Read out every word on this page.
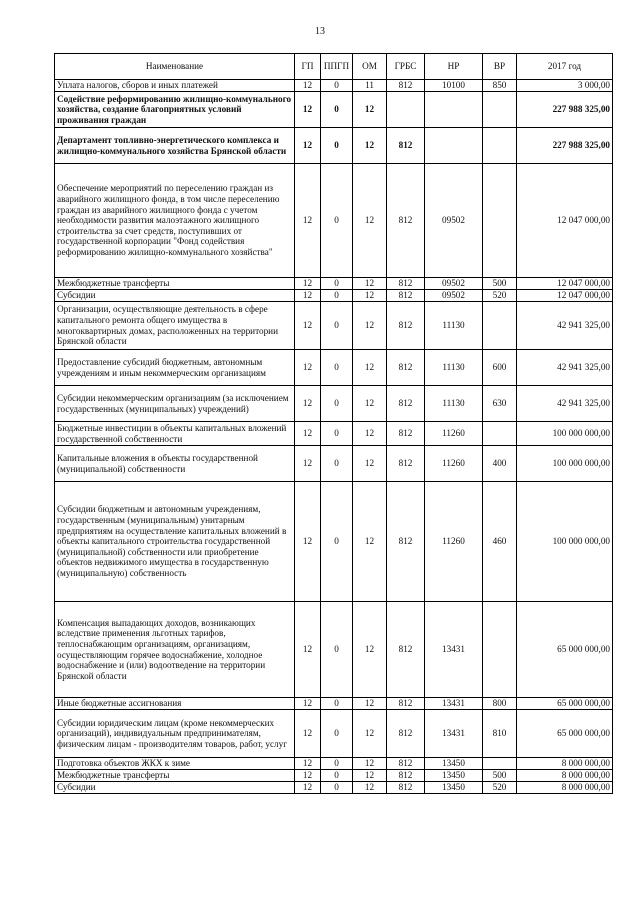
13
Наименование	ГП	ППГП	ОМ	ГРБС	НР	ВР	2017 год
Уплата налогов, сборов и иных платежей	12	0	11	812	10100	850	3 000,00
Содействие реформированию жилищно-коммунального хозяйства, создание благоприятных условий проживания граждан	12	0	12				227 988 325,00
Департамент топливно-энергетического комплекса и жилищно-коммунального хозяйства Брянской области	12	0	12	812			227 988 325,00
Обеспечение мероприятий по переселению граждан из аварийного жилищного фонда, в том числе переселению граждан из аварийного жилищного фонда с учетом необходимости развития малоэтажного жилищного строительства за счет средств, поступивших от государственной корпорации "Фонд содействия реформированию жилищно-коммунального хозяйства"	12	0	12	812	09502		12 047 000,00
Межбюджетные трансферты	12	0	12	812	09502	500	12 047 000,00
Субсидии	12	0	12	812	09502	520	12 047 000,00
Организации, осуществляющие деятельность в сфере капитального ремонта общего имущества в многоквартирных домах, расположенных на территории Брянской области	12	0	12	812	11130		42 941 325,00
Предоставление субсидий бюджетным, автономным учреждениям и иным некоммерческим организациям	12	0	12	812	11130	600	42 941 325,00
Субсидии некоммерческим организациям (за исключением государственных (муниципальных) учреждений)	12	0	12	812	11130	630	42 941 325,00
Бюджетные инвестиции в объекты капитальных вложений государственной собственности	12	0	12	812	11260		100 000 000,00
Капитальные вложения в объекты государственной (муниципальной) собственности	12	0	12	812	11260	400	100 000 000,00
Субсидии бюджетным и автономным учреждениям, государственным (муниципальным) унитарным предприятиям на осуществление капитальных вложений в объекты капитального строительства государственной (муниципальной) собственности или приобретение объектов недвижимого имущества в государственную (муниципальную) собственность	12	0	12	812	11260	460	100 000 000,00
Компенсация выпадающих доходов, возникающих вследствие применения льготных тарифов, теплоснабжающим организациям, организациям, осуществляющим горячее водоснабжение, холодное водоснабжение и (или) водоотведение на территории Брянской области	12	0	12	812	13431		65 000 000,00
Иные бюджетные ассигнования	12	0	12	812	13431	800	65 000 000,00
Субсидии юридическим лицам (кроме некоммерческих организаций), индивидуальным предпринимателям, физическим лицам - производителям товаров, работ, услуг	12	0	12	812	13431	810	65 000 000,00
Подготовка объектов ЖКХ к зиме	12	0	12	812	13450		8 000 000,00
Межбюджетные трансферты	12	0	12	812	13450	500	8 000 000,00
Субсидии	12	0	12	812	13450	520	8 000 000,00
